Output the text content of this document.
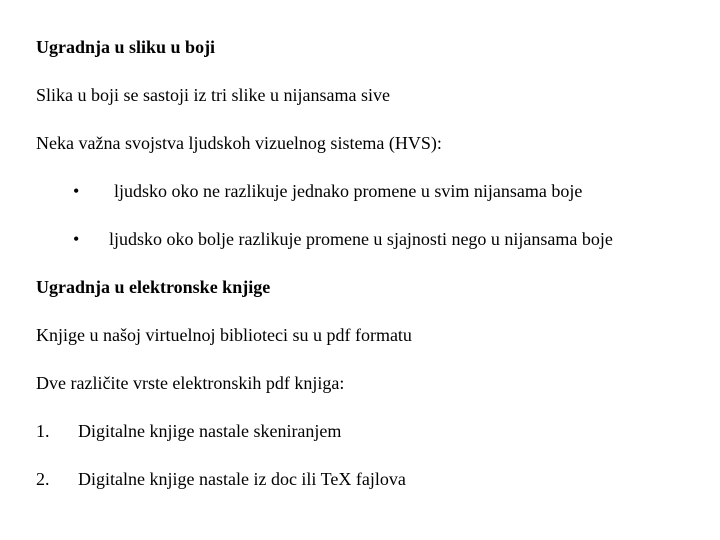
Ugradnja u sliku u boji
Slika u boji se sastoji iz tri slike u nijansama sive
Neka važna svojstva ljudskoh vizuelnog sistema (HVS):
• ljudsko oko ne razlikuje jednako promene u svim nijansama boje
• ljudsko oko bolje razlikuje promene u sjajnosti nego u nijansama boje
Ugradnja u elektronske knjige
Knjige u našoj virtuelnoj biblioteci su u pdf formatu
Dve različite vrste elektronskih pdf knjiga:
1. Digitalne knjige nastale skeniranjem
2. Digitalne knjige nastale iz doc ili TeX fajlova
